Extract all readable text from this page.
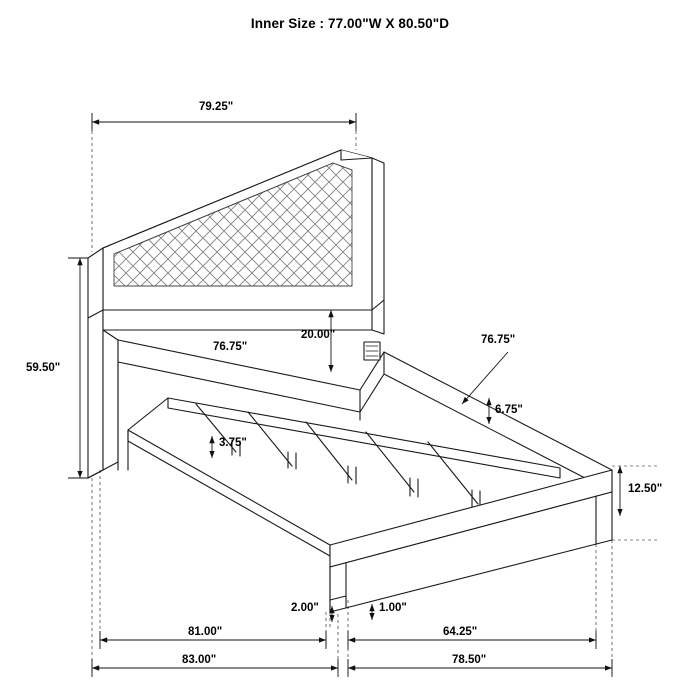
Inner Size : 77.00"W X 80.50"D
79.25"
59.50"
20.00"
76.75"
76.75"
3.75"
6.75"
12.50"
2.00"	1.00"
81.00"	64.25"
83.00"	78.50"
